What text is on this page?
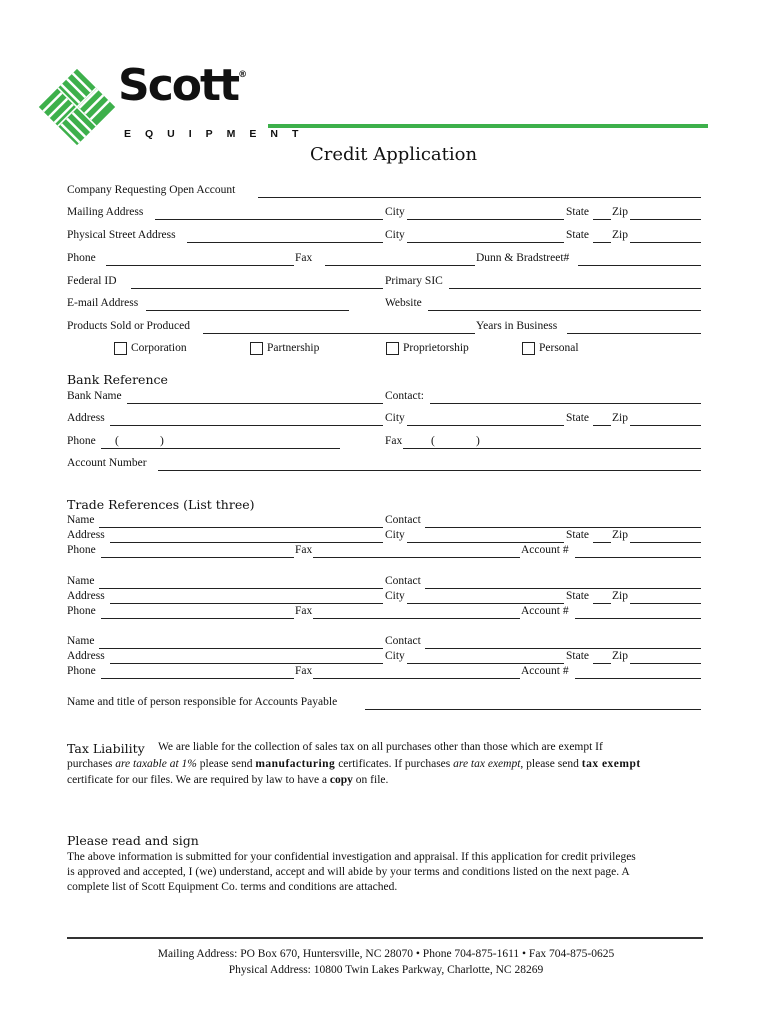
Scott®
EQUIPMENT
Credit Application
Company Requesting Open Account
Mailing Address	City	State Zip
Physical Street Address	City	State Zip
Phone	Fax	Dunn & Bradstreet#
Federal ID	Primary SIC
E-mail Address	Website
Products Sold or Produced	Years in Business
Corporation	Partnership	Proprietorship	Personal
Bank Reference
Bank Name	Contact:
Address	City	State Zip
Phone (	)	Fax	(	)
Account Number
Trade References (List three)
Name	Contact
Address	City	State Zip
Phone	Fax	Account #
Name	Contact
Address	City	State Zip
Phone	Fax	Account #
Name	Contact
Address	City	State Zip
Phone	Fax	Account #
Name and title of person responsible for Accounts Payable
Tax Liability We are liable for the collection of sales tax on all purchases other than those which are exempt If
purchases are taxable at 1% please send manufacturing certificates. If purchases are tax exempt, please send tax exempt
certificate for our files. We are required by law to have a copy on file.
Please read and sign
The above information is submitted for your confidential investigation and appraisal. If this application for credit privileges
is approved and accepted, I (we) understand, accept and will abide by your terms and conditions listed on the next page. A
complete list of Scott Equipment Co. terms and conditions are attached.
Mailing Address: PO Box 670, Huntersville, NC 28070 • Phone 704-875-1611 • Fax 704-875-0625
Physical Address: 10800 Twin Lakes Parkway, Charlotte, NC 28269
